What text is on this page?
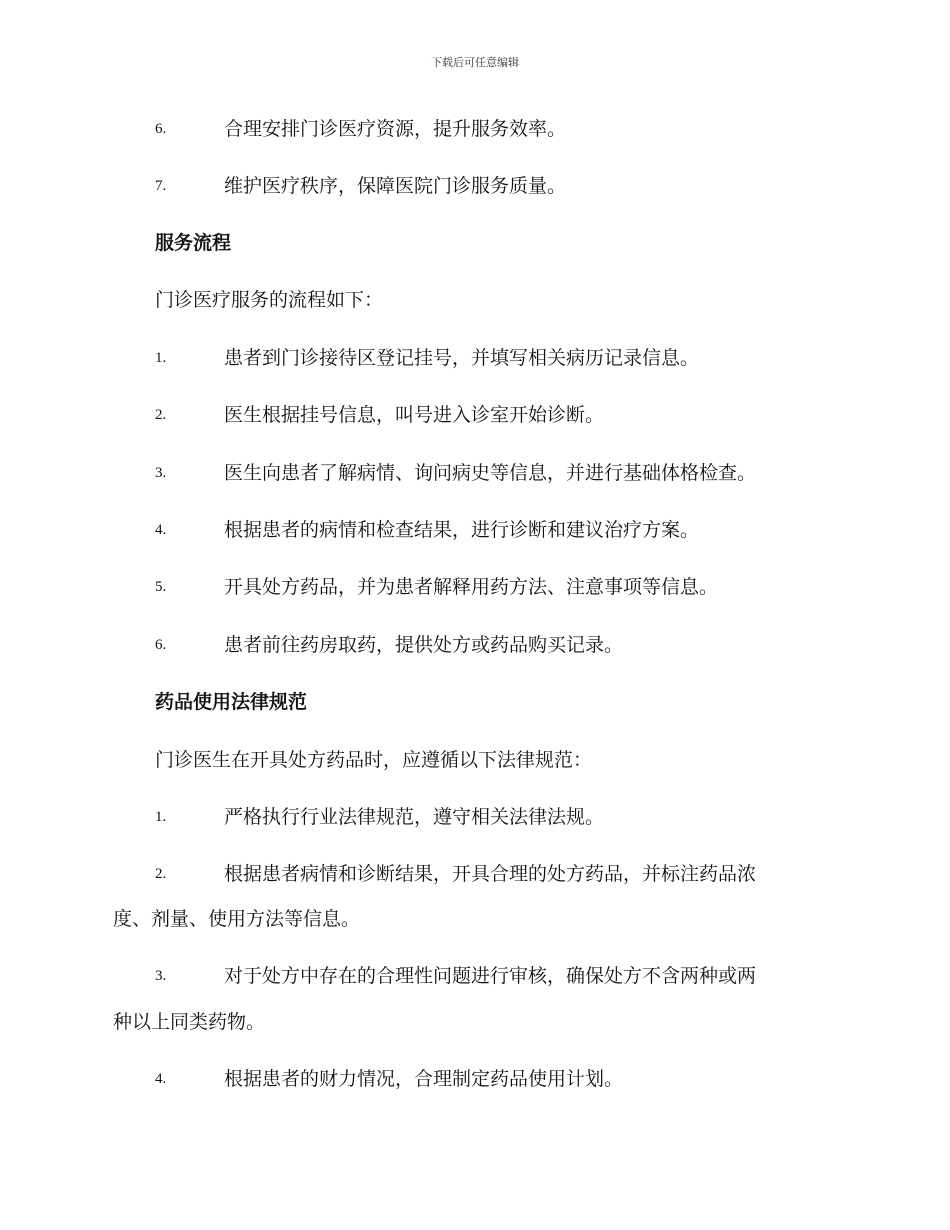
下载后可任意编辑
6.	合理安排门诊医疗资源，提升服务效率。
7.	维护医疗秩序，保障医院门诊服务质量。
服务流程
门诊医疗服务的流程如下：
1.	患者到门诊接待区登记挂号，并填写相关病历记录信息。
2.	医生根据挂号信息，叫号进入诊室开始诊断。
3.	医生向患者了解病情、询问病史等信息，并进行基础体格检查。
4.	根据患者的病情和检查结果，进行诊断和建议治疗方案。
5.	开具处方药品，并为患者解释用药方法、注意事项等信息。
6.	患者前往药房取药，提供处方或药品购买记录。
药品使用法律规范
门诊医生在开具处方药品时，应遵循以下法律规范：
1.	严格执行行业法律规范，遵守相关法律法规。
2.	根据患者病情和诊断结果，开具合理的处方药品，并标注药品浓
度、剂量、使用方法等信息。
3.	对于处方中存在的合理性问题进行审核，确保处方不含两种或两
种以上同类药物。
4.	根据患者的财力情况，合理制定药品使用计划。
